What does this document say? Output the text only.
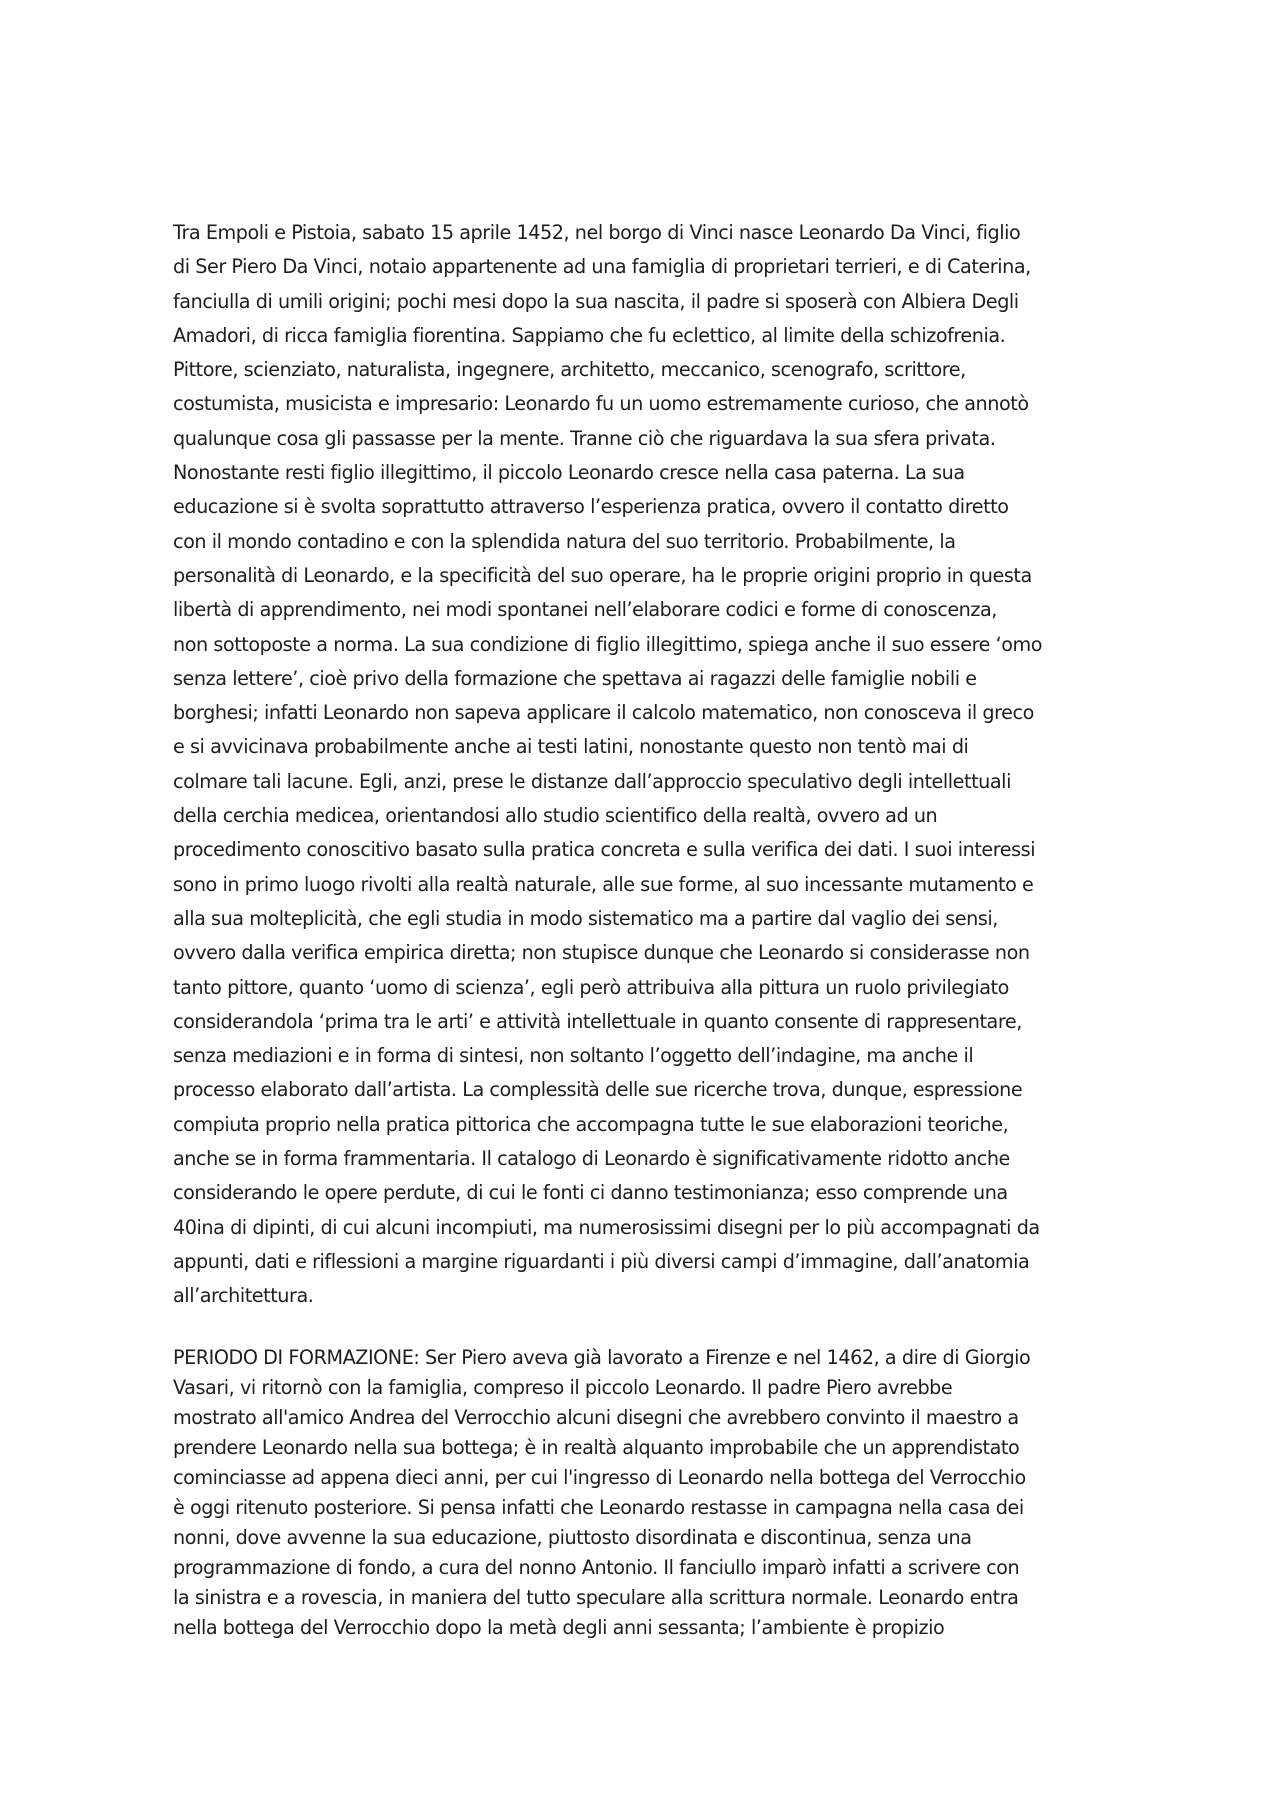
Tra Empoli e Pistoia, sabato 15 aprile 1452, nel borgo di Vinci nasce Leonardo Da Vinci, figlio
di Ser Piero Da Vinci, notaio appartenente ad una famiglia di proprietari terrieri, e di Caterina,
fanciulla di umili origini; pochi mesi dopo la sua nascita, il padre si sposerà con Albiera Degli
Amadori, di ricca famiglia fiorentina. Sappiamo che fu eclettico, al limite della schizofrenia.
Pittore, scienziato, naturalista, ingegnere, architetto, meccanico, scenografo, scrittore,
costumista, musicista e impresario: Leonardo fu un uomo estremamente curioso, che annotò
qualunque cosa gli passasse per la mente. Tranne ciò che riguardava la sua sfera privata.
Nonostante resti figlio illegittimo, il piccolo Leonardo cresce nella casa paterna. La sua
educazione si è svolta soprattutto attraverso l’esperienza pratica, ovvero il contatto diretto
con il mondo contadino e con la splendida natura del suo territorio. Probabilmente, la
personalità di Leonardo, e la specificità del suo operare, ha le proprie origini proprio in questa
libertà di apprendimento, nei modi spontanei nell’elaborare codici e forme di conoscenza,
non sottoposte a norma. La sua condizione di figlio illegittimo, spiega anche il suo essere ‘omo
senza lettere’, cioè privo della formazione che spettava ai ragazzi delle famiglie nobili e
borghesi; infatti Leonardo non sapeva applicare il calcolo matematico, non conosceva il greco
e si avvicinava probabilmente anche ai testi latini, nonostante questo non tentò mai di
colmare tali lacune. Egli, anzi, prese le distanze dall’approccio speculativo degli intellettuali
della cerchia medicea, orientandosi allo studio scientifico della realtà, ovvero ad un
procedimento conoscitivo basato sulla pratica concreta e sulla verifica dei dati. I suoi interessi
sono in primo luogo rivolti alla realtà naturale, alle sue forme, al suo incessante mutamento e
alla sua molteplicità, che egli studia in modo sistematico ma a partire dal vaglio dei sensi,
ovvero dalla verifica empirica diretta; non stupisce dunque che Leonardo si considerasse non
tanto pittore, quanto ‘uomo di scienza’, egli però attribuiva alla pittura un ruolo privilegiato
considerandola ‘prima tra le arti’ e attività intellettuale in quanto consente di rappresentare,
senza mediazioni e in forma di sintesi, non soltanto l’oggetto dell’indagine, ma anche il
processo elaborato dall’artista. La complessità delle sue ricerche trova, dunque, espressione
compiuta proprio nella pratica pittorica che accompagna tutte le sue elaborazioni teoriche,
anche se in forma frammentaria. Il catalogo di Leonardo è significativamente ridotto anche
considerando le opere perdute, di cui le fonti ci danno testimonianza; esso comprende una
40ina di dipinti, di cui alcuni incompiuti, ma numerosissimi disegni per lo più accompagnati da
appunti, dati e riflessioni a margine riguardanti i più diversi campi d’immagine, dall’anatomia
all’architettura.
PERIODO DI FORMAZIONE: Ser Piero aveva già lavorato a Firenze e nel 1462, a dire di Giorgio
Vasari, vi ritornò con la famiglia, compreso il piccolo Leonardo. Il padre Piero avrebbe
mostrato all'amico Andrea del Verrocchio alcuni disegni che avrebbero convinto il maestro a
prendere Leonardo nella sua bottega; è in realtà alquanto improbabile che un apprendistato
cominciasse ad appena dieci anni, per cui l'ingresso di Leonardo nella bottega del Verrocchio
è oggi ritenuto posteriore. Si pensa infatti che Leonardo restasse in campagna nella casa dei
nonni, dove avvenne la sua educazione, piuttosto disordinata e discontinua, senza una
programmazione di fondo, a cura del nonno Antonio. Il fanciullo imparò infatti a scrivere con
la sinistra e a rovescia, in maniera del tutto speculare alla scrittura normale. Leonardo entra
nella bottega del Verrocchio dopo la metà degli anni sessanta; l’ambiente è propizio
